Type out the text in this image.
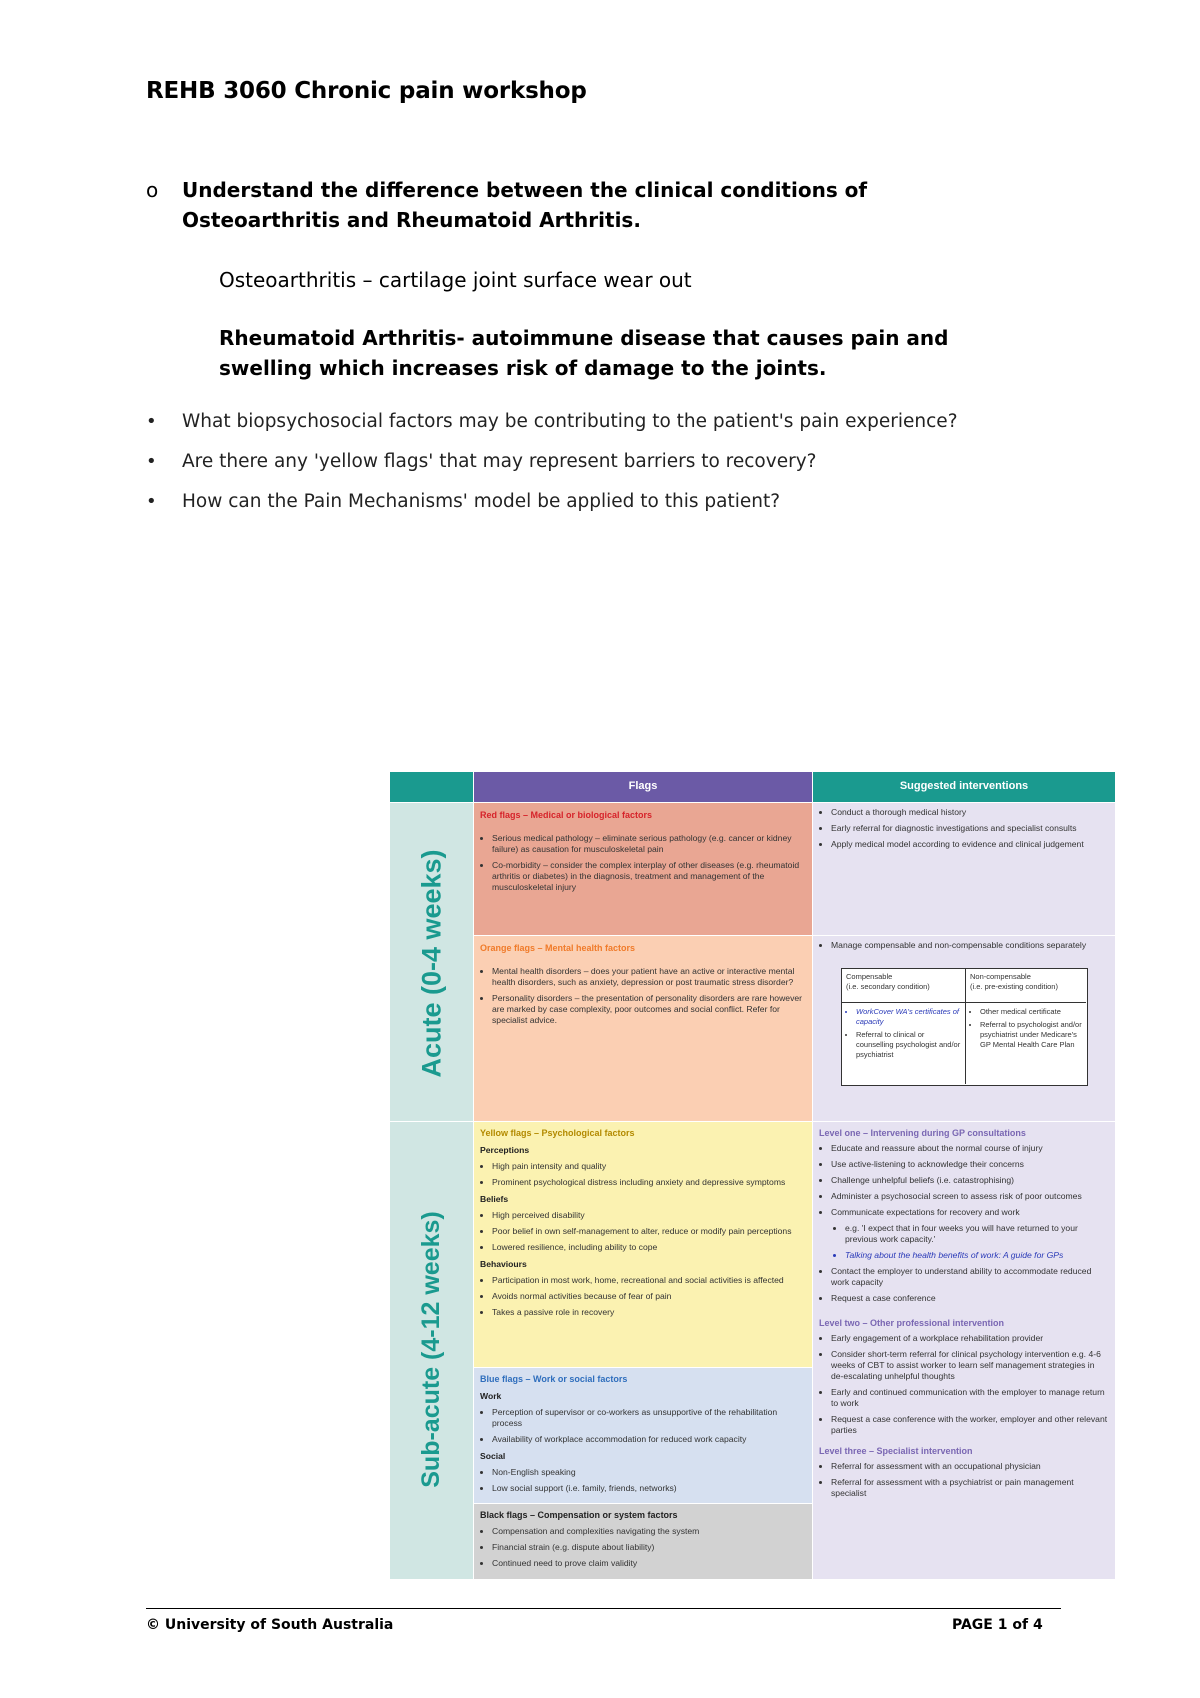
REHB 3060 Chronic pain workshop
o Understand the difference between the clinical conditions of Osteoarthritis and Rheumatoid Arthritis.
Osteoarthritis – cartilage joint surface wear out
Rheumatoid Arthritis- autoimmune disease that causes pain and swelling which increases risk of damage to the joints.
• What biopsychosocial factors may be contributing to the patient's pain experience?
• Are there any 'yellow flags' that may represent barriers to recovery?
• How can the Pain Mechanisms' model be applied to this patient?
Flags	Suggested interventions
Acute (0-4 weeks)
Red flags – Medical or biological factors
• Serious medical pathology – eliminate serious pathology (e.g. cancer or kidney failure) as causation for musculoskeletal pain
• Co-morbidity – consider the complex interplay of other diseases (e.g. rheumatoid arthritis or diabetes) in the diagnosis, treatment and management of the musculoskeletal injury
• Conduct a thorough medical history
• Early referral for diagnostic investigations and specialist consults
• Apply medical model according to evidence and clinical judgement
Orange flags – Mental health factors
• Mental health disorders – does your patient have an active or interactive mental health disorders, such as anxiety, depression or post traumatic stress disorder?
• Personality disorders – the presentation of personality disorders are rare however are marked by case complexity, poor outcomes and social conflict. Refer for specialist advice.
• Manage compensable and non-compensable conditions separately
Compensable
(i.e. secondary condition)
Non-compensable
(i.e. pre-existing condition)
• WorkCover WA's certificates of capacity
• Referral to clinical or counselling psychologist and/or psychiatrist
• Other medical certificate
• Referral to psychologist and/or psychiatrist under Medicare's GP Mental Health Care Plan
Sub-acute (4-12 weeks)
Yellow flags – Psychological factors
Perceptions
• High pain intensity and quality
• Prominent psychological distress including anxiety and depressive symptoms
Beliefs
• High perceived disability
• Poor belief in own self-management to alter, reduce or modify pain perceptions
• Lowered resilience, including ability to cope
Behaviours
• Participation in most work, home, recreational and social activities is affected
• Avoids normal activities because of fear of pain
• Takes a passive role in recovery
Blue flags – Work or social factors
Work
• Perception of supervisor or co-workers as unsupportive of the rehabilitation process
• Availability of workplace accommodation for reduced work capacity
Social
• Non-English speaking
• Low social support (i.e. family, friends, networks)
Black flags – Compensation or system factors
• Compensation and complexities navigating the system
• Financial strain (e.g. dispute about liability)
• Continued need to prove claim validity
Level one – Intervening during GP consultations
• Educate and reassure about the normal course of injury
• Use active-listening to acknowledge their concerns
• Challenge unhelpful beliefs (i.e. catastrophising)
• Administer a psychosocial screen to assess risk of poor outcomes
• Communicate expectations for recovery and work
• e.g. 'I expect that in four weeks you will have returned to your previous work capacity.'
• Talking about the health benefits of work: A guide for GPs
• Contact the employer to understand ability to accommodate reduced work capacity
• Request a case conference
Level two – Other professional intervention
• Early engagement of a workplace rehabilitation provider
• Consider short-term referral for clinical psychology intervention e.g. 4-6 weeks of CBT to assist worker to learn self management strategies in de-escalating unhelpful thoughts
• Early and continued communication with the employer to manage return to work
• Request a case conference with the worker, employer and other relevant parties
Level three – Specialist intervention
• Referral for assessment with an occupational physician
• Referral for assessment with a psychiatrist or pain management specialist
© University of South Australia	PAGE 1 of 4
